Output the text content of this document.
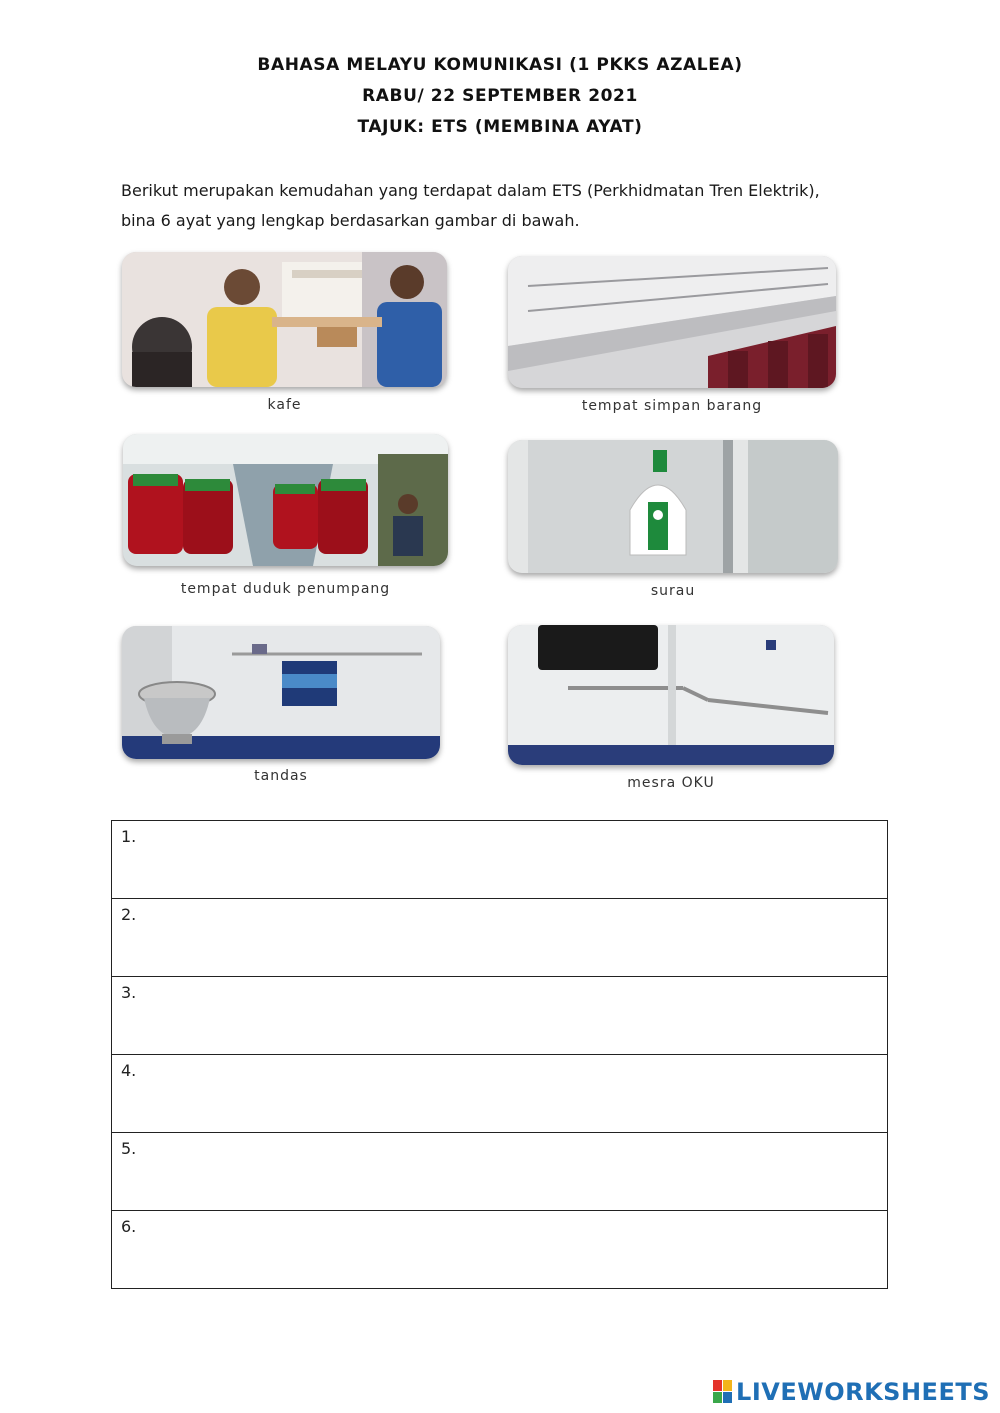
BAHASA MELAYU KOMUNIKASI (1 PKKS AZALEA)
RABU/ 22 SEPTEMBER 2021
TAJUK: ETS (MEMBINA AYAT)
Berikut merupakan kemudahan yang terdapat dalam ETS (Perkhidmatan Tren Elektrik),
bina 6 ayat yang lengkap berdasarkan gambar di bawah.
kafe	tempat simpan barang
tempat duduk penumpang	surau
tandas	mesra OKU
1.
2.
3.
4.
5.
6.
LIVEWORKSHEETS
